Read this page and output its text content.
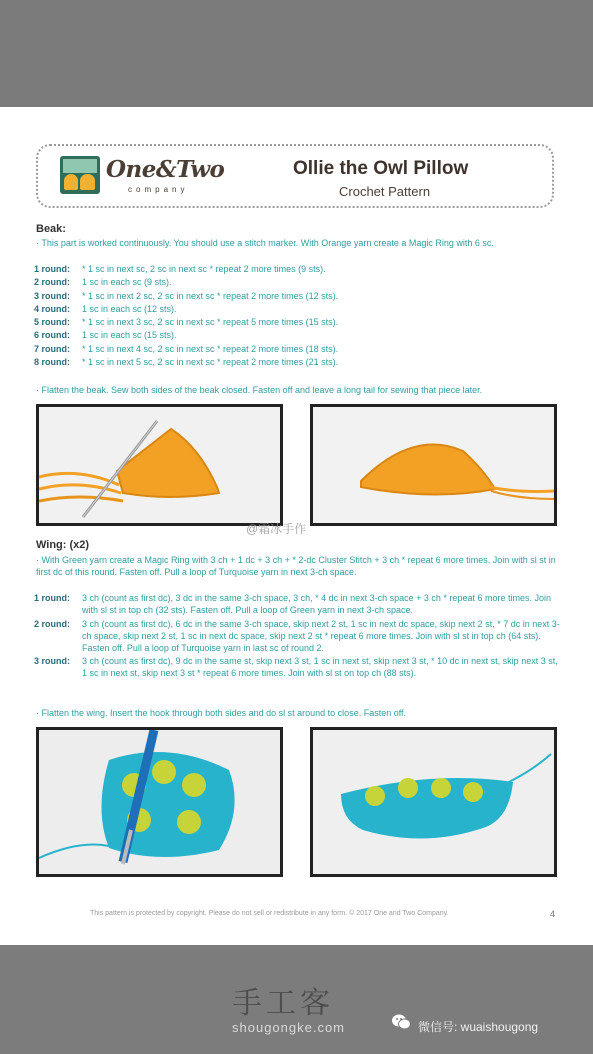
One&Two
company
Ollie the Owl Pillow
Crochet Pattern
Beak:
· This part is worked continuously. You should use a stitch marker. With Orange yarn create a Magic Ring with 6 sc.
1 round:	* 1 sc in next sc, 2 sc in next sc * repeat 2 more times (9 sts).
2 round:	1 sc in each sc (9 sts).
3 round:	* 1 sc in next 2 sc, 2 sc in next sc * repeat 2 more times (12 sts).
4 round:	1 sc in each sc (12 sts).
5 round:	* 1 sc in next 3 sc, 2 sc in next sc * repeat 5 more times (15 sts).
6 round:	1 sc in each sc (15 sts).
7 round:	* 1 sc in next 4 sc, 2 sc in next sc * repeat 2 more times (18 sts).
8 round:	* 1 sc in next 5 sc, 2 sc in next sc * repeat 2 more times (21 sts).
· Flatten the beak. Sew both sides of the beak closed. Fasten off and leave a long tail for sewing that piece later.
@霜冰手作
Wing: (x2)
· With Green yarn create a Magic Ring with 3 ch + 1 dc + 3 ch + * 2-dc Cluster Stitch + 3 ch * repeat 6 more times. Join with sl st in first dc of this round. Fasten off. Pull a loop of Turquoise yarn in next 3-ch space.
1 round:	3 ch (count as first dc), 3 dc in the same 3-ch space, 3 ch, * 4 dc in next 3-ch space + 3 ch * repeat 6 more times. Join with sl st in top ch (32 sts). Fasten off. Pull a loop of Green yarn in next 3-ch space.
2 round:	3 ch (count as first dc), 6 dc in the same 3-ch space, skip next 2 st, 1 sc in next dc space, skip next 2 st, * 7 dc in next 3-ch space, skip next 2 st, 1 sc in next dc space, skip next 2 st * repeat 6 more times. Join with sl st in top ch (64 sts). Fasten off. Pull a loop of Turquoise yarn in last sc of round 2.
3 round:	3 ch (count as first dc), 9 dc in the same st, skip next 3 st, 1 sc in next st, skip next 3 st, * 10 dc in next st, skip next 3 st, 1 sc in next st, skip next 3 st * repeat 6 more times. Join with sl st on top ch (88 sts).
· Flatten the wing. Insert the hook through both sides and do sl st around to close. Fasten off.
This pattern is protected by copyright. Please do not sell or redistribute in any form. © 2017 One and Two Company.	4
手工客
shougongke.com	微信号: wuaishougong
